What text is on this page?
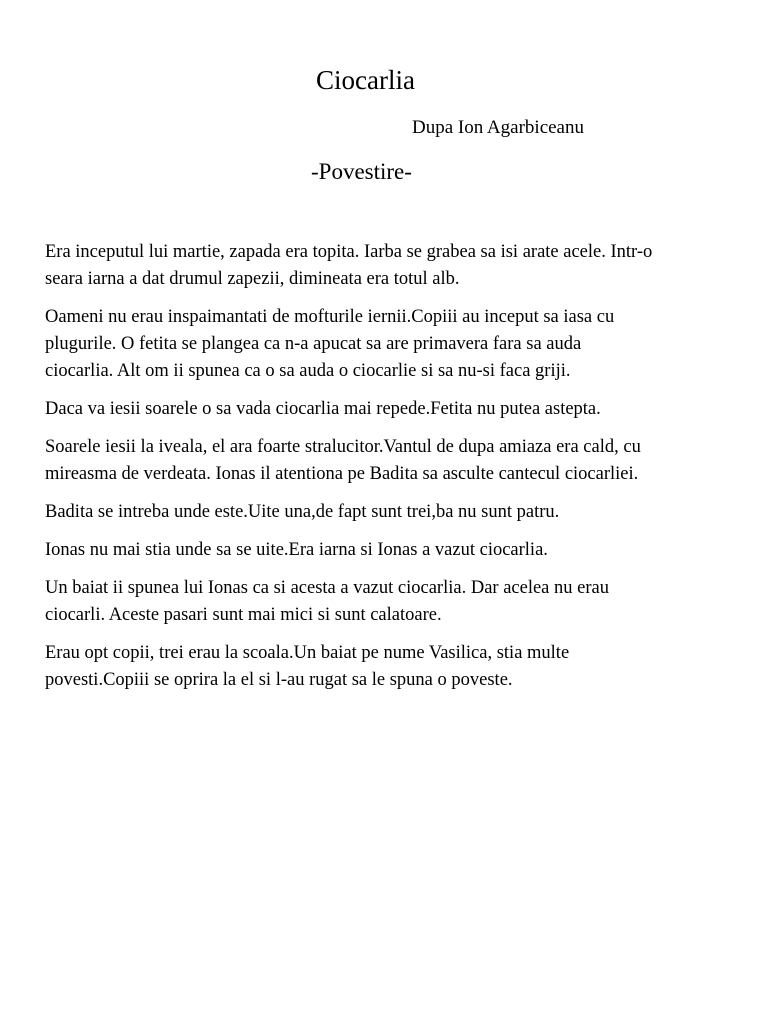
Ciocarlia

Dupa Ion Agarbiceanu

-Povestire-

Era inceputul lui martie, zapada era topita. Iarba se grabea sa isi arate acele. Intr-o
seara iarna a dat drumul zapezii, dimineata era totul alb.

Oameni nu erau inspaimantati de mofturile iernii.Copiii au inceput sa iasa cu
plugurile. O fetita se plangea ca n-a apucat sa are primavera fara sa auda
ciocarlia. Alt om ii spunea ca o sa auda o ciocarlie si sa nu-si faca griji.

Daca va iesii soarele o sa vada ciocarlia mai repede.Fetita nu putea astepta.

Soarele iesii la iveala, el ara foarte stralucitor.Vantul de dupa amiaza era cald, cu
mireasma de verdeata. Ionas il atentiona pe Badita sa asculte cantecul ciocarliei.

Badita se intreba unde este.Uite una,de fapt sunt trei,ba nu sunt patru.

Ionas nu mai stia unde sa se uite.Era iarna si Ionas a vazut ciocarlia.

Un baiat ii spunea lui Ionas ca si acesta a vazut ciocarlia. Dar acelea nu erau
ciocarli. Aceste pasari sunt mai mici si sunt calatoare.

Erau opt copii, trei erau la scoala.Un baiat pe nume Vasilica, stia multe
povesti.Copiii se oprira la el si l-au rugat sa le spuna o poveste.
